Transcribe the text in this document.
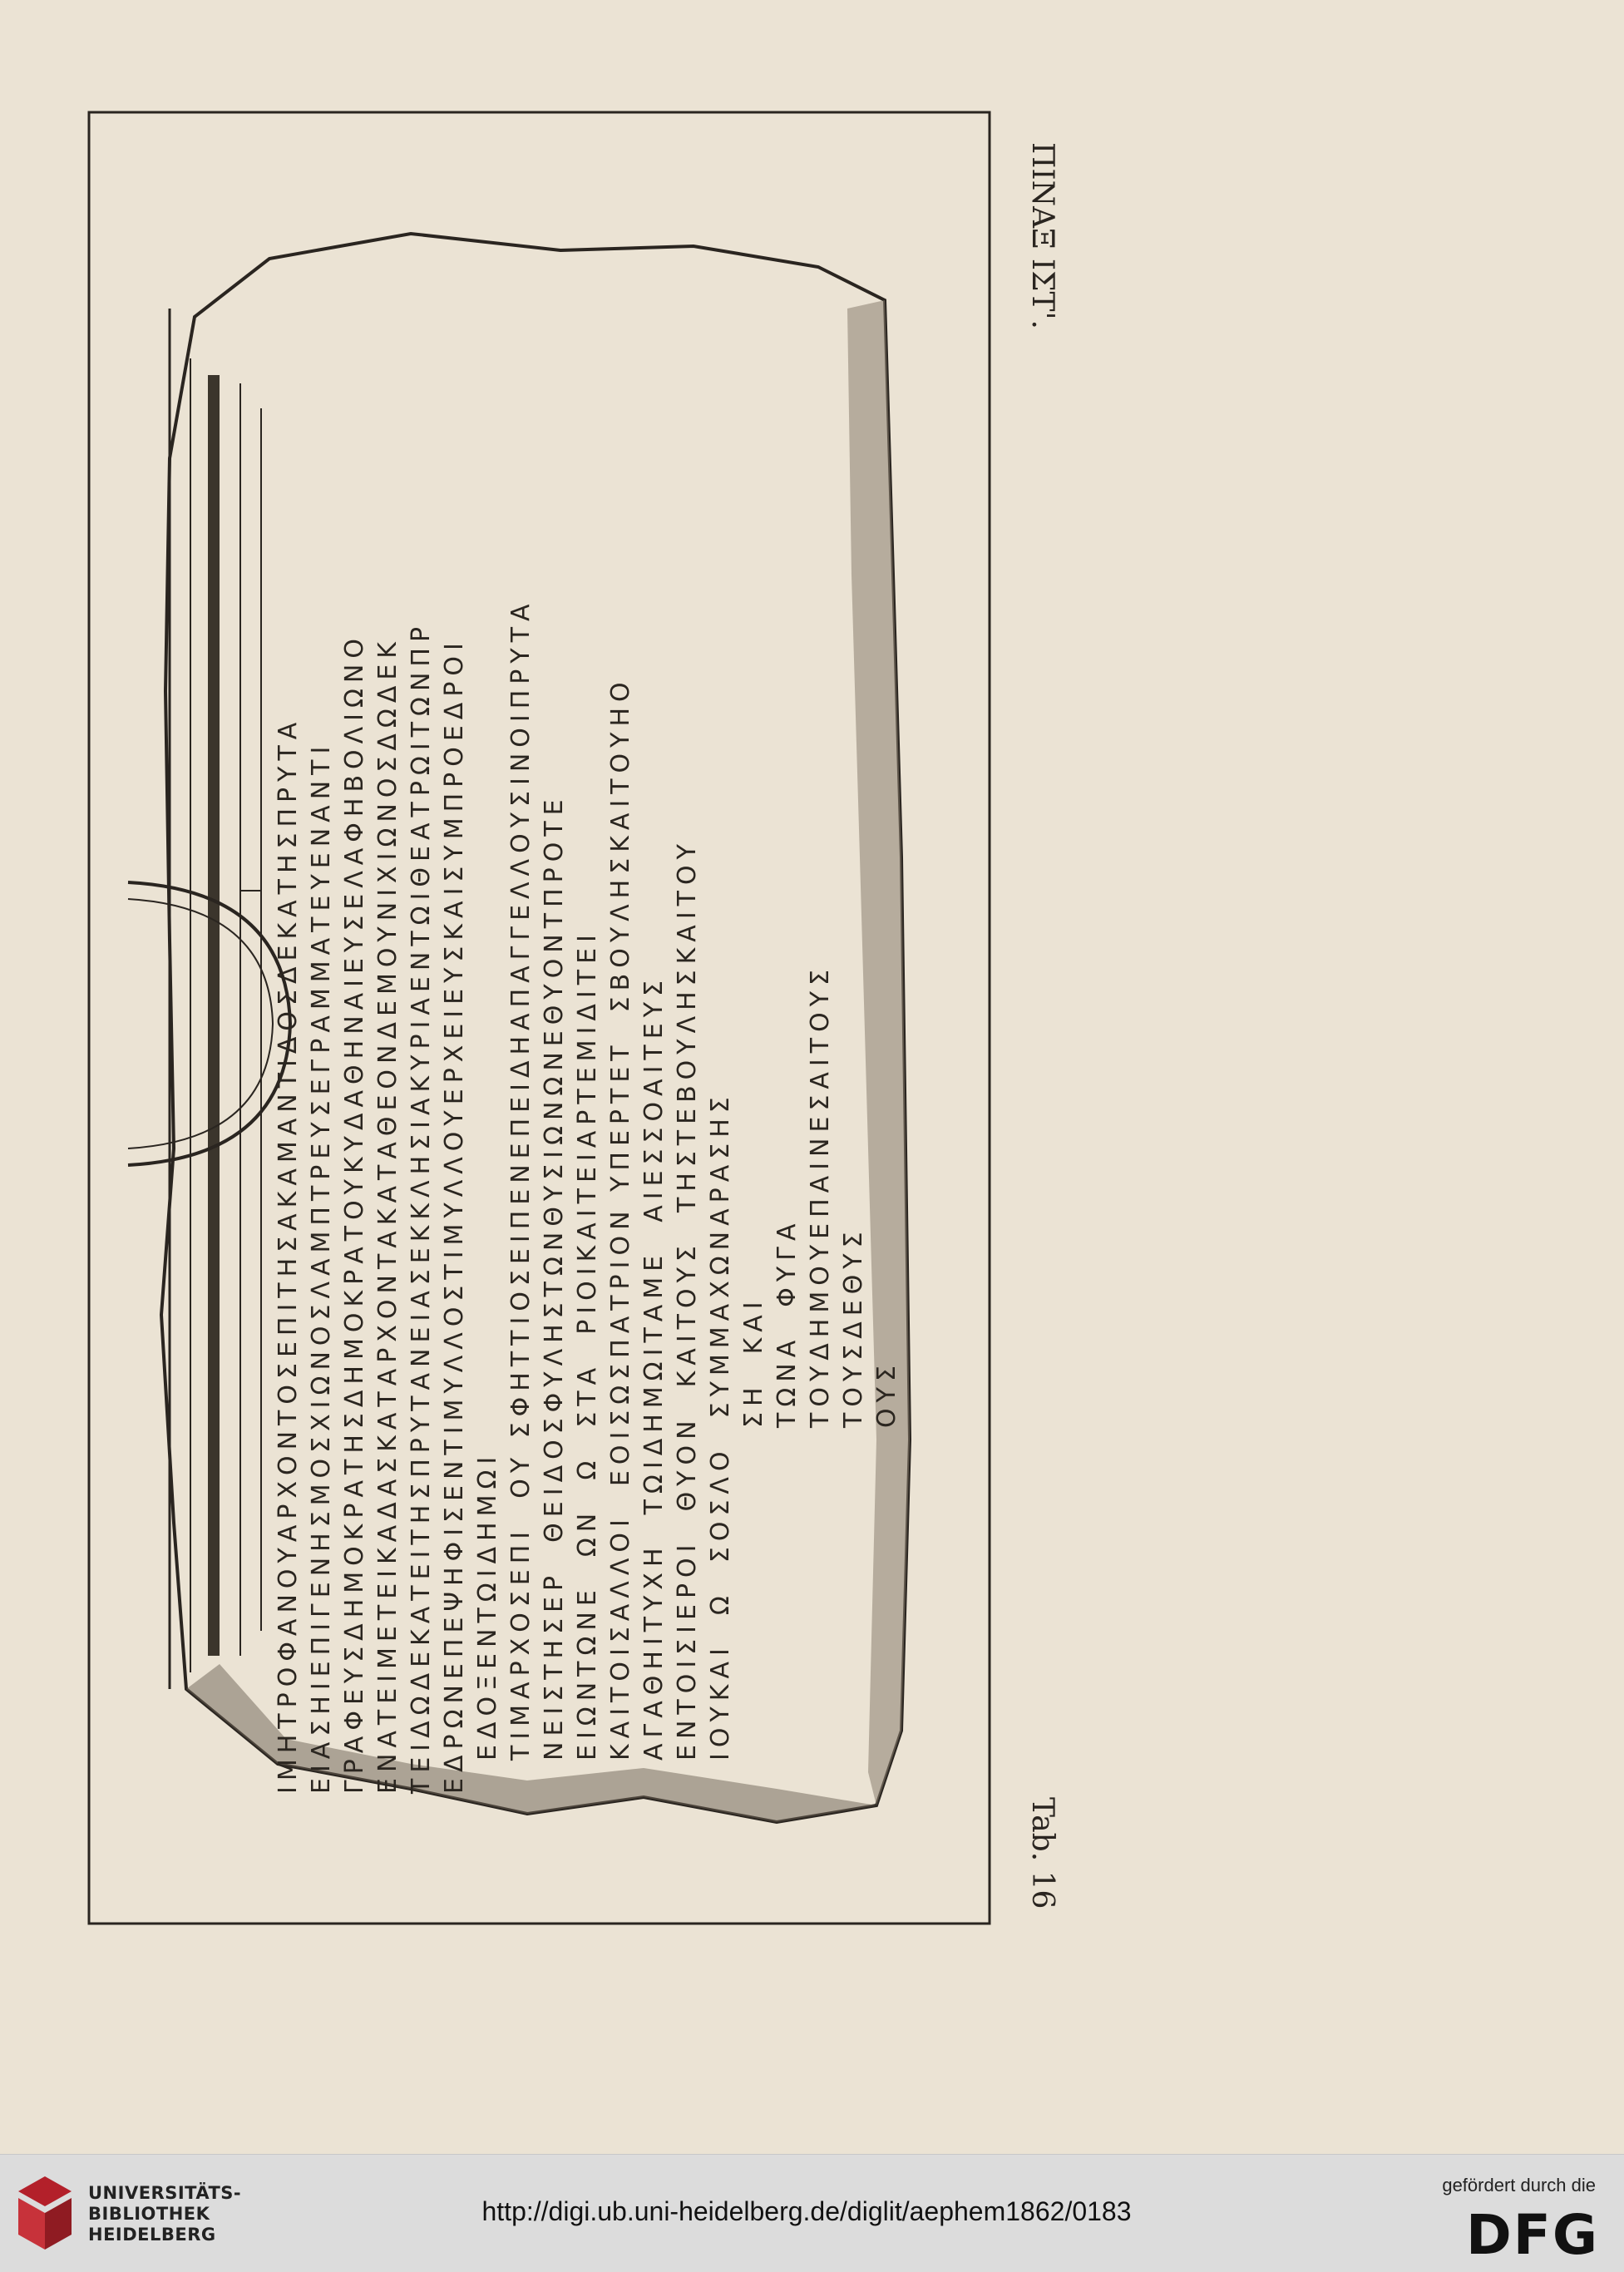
Tab. 16
ΠΙΝΑΞ ΙΣΤ'.
ΙΜΗΤΡΟΦΑΝΟΥΑΡΧΟΝΤΟΣΕΠΙΤΗΣΑΚΑΜΑΝΤΙΔΟΣΔΕΚΑΤΗΣΠΡΥΤΑ ΕΙΑΣΗΙΕΠΙΓΕΝΗΣΜΟΣΧΙΩΝΟΣΛΑΜΠΤΡΕΥΣΕΓΡΑΜΜΑΤΕΥΕΝΑΝΤΙ ΓΡΑΦΕΥΣΔΗΜΟΚΡΑΤΗΣΔΗΜΟΚΡΑΤΟΥΚΥΔΑΘΗΝΑΙΕΥΣΕΛΑΦΗΒΟΛΙΩΝΟ ΕΝΑΤΕΙΜΕΤΕΙΚΑΔΑΣΚΑΤΑΡΧΟΝΤΑΚΑΤΑΘΕΟΝΔΕΜΟΥΝΙΧΙΩΝΟΣΔΩΔΕΚ ΤΕΙΔΩΔΕΚΑΤΕΙΤΗΣΠΡΥΤΑΝΕΙΑΣΕΚΚΛΗΣΙΑΚΥΡΙΑΕΝΤΩΙΘΕΑΤΡΩΙΤΩΝΠΡ ΕΔΡΩΝΕΠΕΨΗΦΙΣΕΝΤΙΜΥΛΛΟΣΤΙΜΥΛΛΟΥΕΡΧΕΙΕΥΣΚΑΙΣΥΜΠΡΟΕΔΡΟΙ ΕΔΟΞΕΝΤΩΙΔΗΜΩΙ ΤΙΜΑΡΧΟΣΕΠΙ  ΟΥ ΣΦΗΤΤΙΟΣΕΙΠΕΝΕΠΕΙΔΗΑΠΑΓΓΕΛΛΟΥΣΙΝΟΙΠΡΥΤΑ ΝΕΙΣΤΗΣΕΡ  ΘΕΙΔΟΣΦΥΛΗΣΤΩΝΘΥΣΙΩΝΩΝΕΘΥΟΝΤΠΡΟΤΕ ΕΙΩΝΤΩΝΕ  ΩΝ  Ω  ΣΤΑ  ΡΙΟΙΚΑΙΤΕΙΑΡΤΕΜΙΔΙΤΕΙ ΚΑΙΤΟΙΣΑΛΛΟΙ  ΕΟΙΣΩΣΠΑΤΡΙΟΝ ΥΠΕΡΤΕΤ  ΣΒΟΥΛΗΣΚΑΙΤΟΥΗΟ ΑΓΑΘΗΙΤΥΧΗ  ΤΩΙΔΗΜΩΙΤΑΜΕ  ΑΙΕΣΣΟΑΙΤΕΥΣ ΕΝΤΟΙΣΙΕΡΟΙ  ΘΥΟΝ  ΚΑΙΤΟΥΣ  ΤΗΣΤΕΒΟΥΛΗΣΚΑΙΤΟΥ ΙΟΥΚΑΙ  Ω  ΣΟΣΛΟ  ΣΥΜΜΑΧΩΝΑΡΑΣΗΣ ΣΗ  ΚΑΙ ΤΩΝΑ  ΦΥΓΑ ΤΟΥΔΗΜΟΥΕΠΑΙΝΕΣΑΙΤΟΥΣ ΤΟΥΣΔΕΘΥΣ ΟΥΣ
UNIVERSITÄTS-
BIBLIOTHEK
HEIDELBERG
http://digi.ub.uni-heidelberg.de/diglit/aephem1862/0183
gefördert durch die
DFG
